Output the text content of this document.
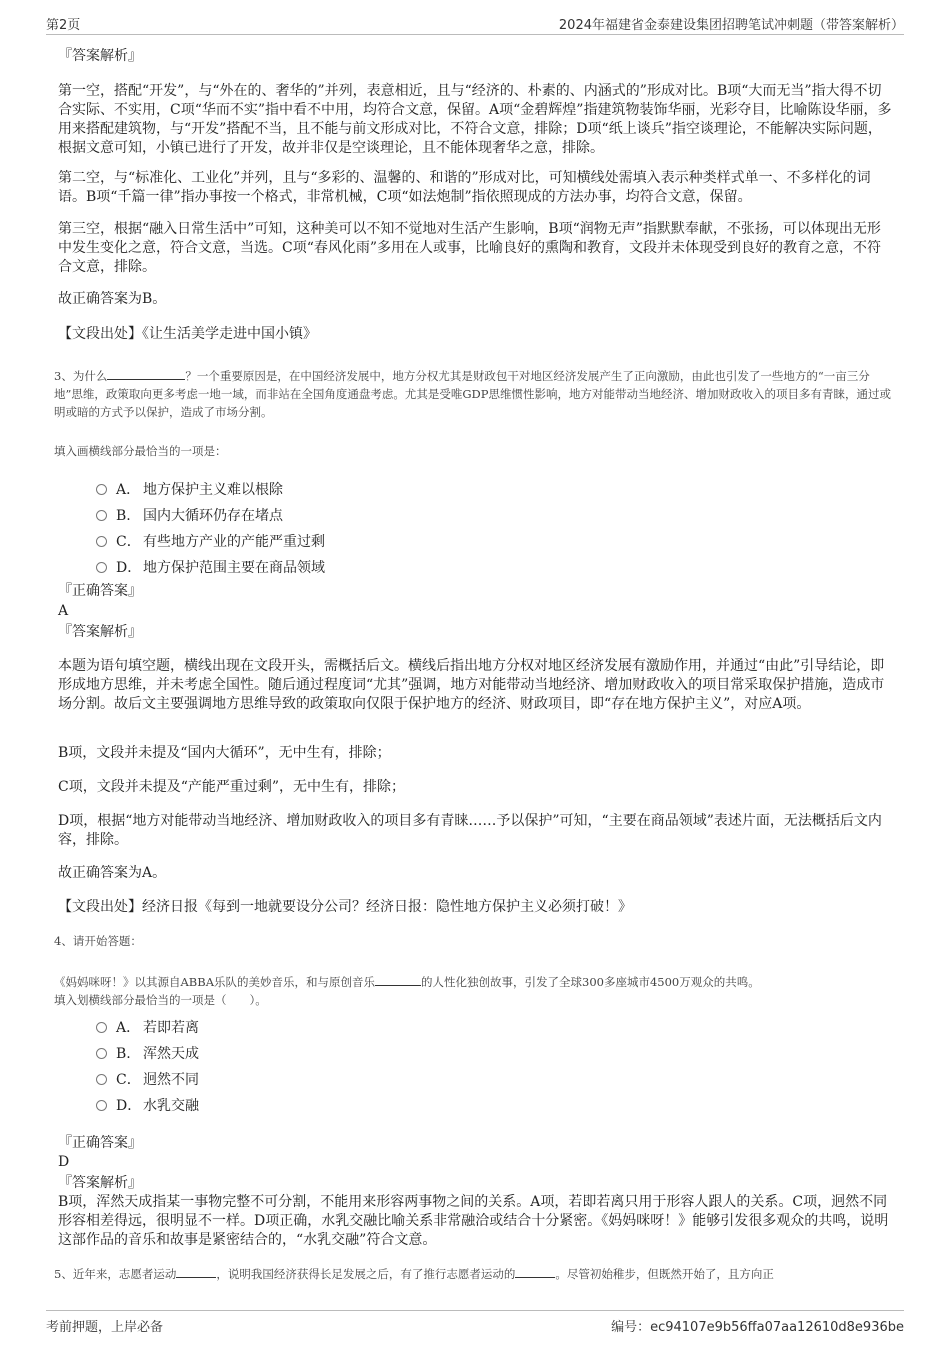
第2页	2024年福建省金泰建设集团招聘笔试冲刺题（带答案解析）

『答案解析』

第一空，搭配“开发”，与“外在的、奢华的”并列，表意相近，且与“经济的、朴素的、内涵式的”形成对比。B项“大而无当”指大得不切合实际、不实用，C项“华而不实”指中看不中用，均符合文意，保留。A项“金碧辉煌”指建筑物装饰华丽，光彩夺目，比喻陈设华丽，多用来搭配建筑物，与“开发”搭配不当，且不能与前文形成对比，不符合文意，排除；D项“纸上谈兵”指空谈理论，不能解决实际问题，根据文意可知，小镇已进行了开发，故并非仅是空谈理论，且不能体现奢华之意，排除。

第二空，与“标准化、工业化”并列，且与“多彩的、温馨的、和谐的”形成对比，可知横线处需填入表示种类样式单一、不多样化的词语。B项“千篇一律”指办事按一个格式，非常机械，C项“如法炮制”指依照现成的方法办事，均符合文意，保留。

第三空，根据“融入日常生活中”可知，这种美可以不知不觉地对生活产生影响，B项“润物无声”指默默奉献，不张扬，可以体现出无形中发生变化之意，符合文意，当选。C项“春风化雨”多用在人或事，比喻良好的熏陶和教育，文段并未体现受到良好的教育之意，不符合文意，排除。

故正确答案为B。

【文段出处】《让生活美学走进中国小镇》

3、为什么	？一个重要原因是，在中国经济发展中，地方分权尤其是财政包干对地区经济发展产生了正向激励，由此也引发了一些地方的“一亩三分地”思维，政策取向更多考虑一地一域，而非站在全国角度通盘考虑。尤其是受唯GDP思维惯性影响，地方对能带动当地经济、增加财政收入的项目多有青睐，通过或明或暗的方式予以保护，造成了市场分割。

填入画横线部分最恰当的一项是：

A． 地方保护主义难以根除
B. 国内大循环仍存在堵点
C． 有些地方产业的产能严重过剩
D． 地方保护范围主要在商品领域

『正确答案』

A

『答案解析』

本题为语句填空题，横线出现在文段开头，需概括后文。横线后指出地方分权对地区经济发展有激励作用，并通过“由此”引导结论，即形成地方思维，并未考虑全国性。随后通过程度词“尤其”强调，地方对能带动当地经济、增加财政收入的项目常采取保护措施，造成市场分割。故后文主要强调地方思维导致的政策取向仅限于保护地方的经济、财政项目，即“存在地方保护主义”，对应A项。

B项，文段并未提及“国内大循环”，无中生有，排除；

C项，文段并未提及“产能严重过剩”，无中生有，排除；

D项，根据“地方对能带动当地经济、增加财政收入的项目多有青睐……予以保护”可知，“主要在商品领域”表述片面，无法概括后文内容，排除。

故正确答案为A。

【文段出处】经济日报《每到一地就要设分公司？经济日报：隐性地方保护主义必须打破！》

4、请开始答题：

《妈妈咪呀！》以其源自ABBA乐队的美妙音乐，和与原创音乐	的人性化独创故事，引发了全球300多座城市4500万观众的共鸣。

填入划横线部分最恰当的一项是（　　）。

A． 若即若离
B. 浑然天成
C． 迥然不同
D． 水乳交融

『正确答案』

D

『答案解析』

B项，浑然天成指某一事物完整不可分割，不能用来形容两事物之间的关系。A项，若即若离只用于形容人跟人的关系。C项，迥然不同形容相差得远，很明显不一样。D项正确，水乳交融比喻关系非常融洽或结合十分紧密。《妈妈咪呀！》能够引发很多观众的共鸣，说明这部作品的音乐和故事是紧密结合的，“水乳交融”符合文意。

5、近年来，志愿者运动	，说明我国经济获得长足发展之后，有了推行志愿者运动的	。尽管初始稚步，但既然开始了，且方向正

考前押题，上岸必备	编号：ec94107e9b56ffa07aa12610d8e936be
